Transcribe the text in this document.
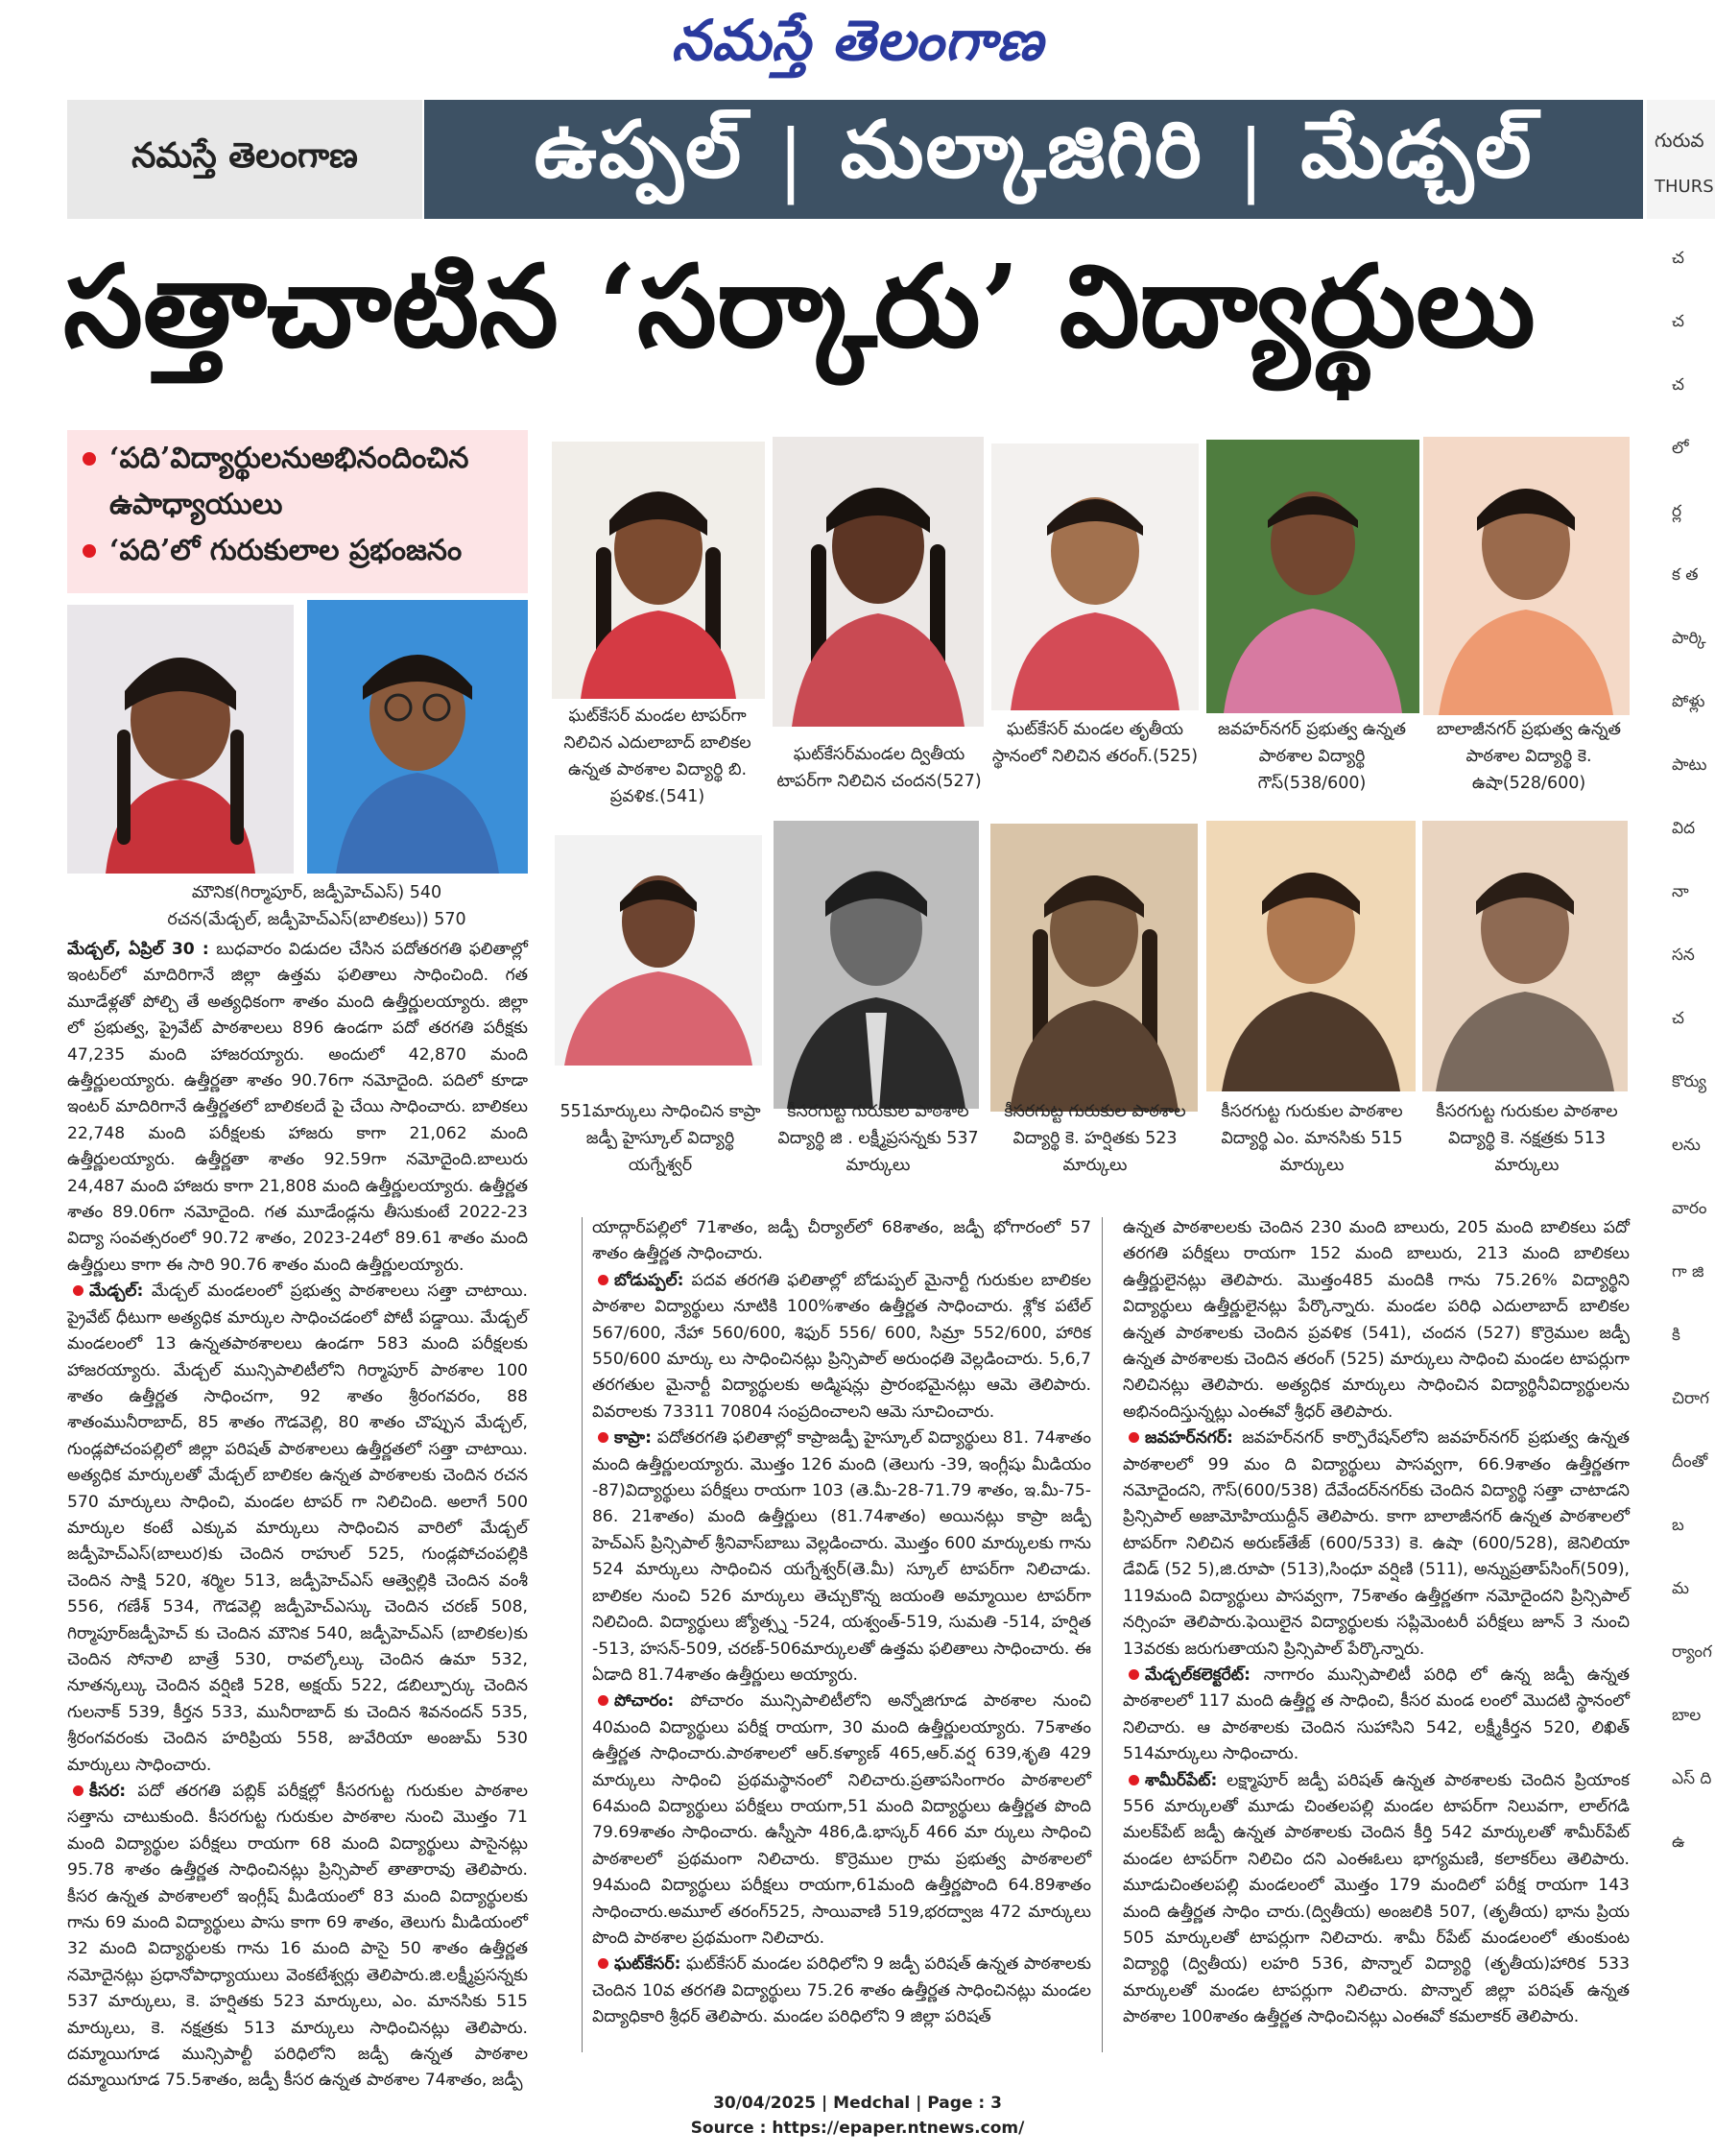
నమస్తే తెలంగాణ
నమస్తే తెలంగాణ	ఉప్పల్ | మల్కాజిగిరి | మేడ్చల్	గురువ
THURS
సత్తాచాటిన ‘సర్కారు’ విద్యార్థులు
‘పది’విద్యార్థులనుఅభినందించిన ఉపాధ్యాయులు
‘పది’లో గురుకులాల ప్రభంజనం
మౌనిక(గిర్మాపూర్, జడ్పీహెచ్ఎస్) 540
రచన(మేడ్చల్, జడ్పీహెచ్ఎస్(బాలికలు)) 570
ఘట్‌కేసర్ మండల టాపర్‌గా నిలిచిన ఎదులాబాద్ బాలికల ఉన్నత పాఠశాల విద్యార్థి బి. ప్రవళిక.(541)
ఘట్‌కేసర్‌మండల ద్వితీయ టాపర్‌గా నిలిచిన చందన(527)
ఘట్‌కేసర్ మండల తృతీయ స్థానంలో నిలిచిన తరంగ్.(525)
జవహర్‌నగర్ ప్రభుత్వ ఉన్నత పాఠశాల విద్యార్థి గౌస్(538/600)
బాలాజీనగర్ ప్రభుత్వ ఉన్నత పాఠశాల విద్యార్థి కె. ఉషా(528/600)
551మార్కులు సాధించిన కాప్రా జడ్పీ హైస్కూల్ విద్యార్థి యగ్నేశ్వర్
కీసరగుట్ట గురుకుల పాఠశాల విద్యార్థి జి . లక్ష్మీప్రసన్నకు 537 మార్కులు
కీసరగుట్ట గురుకుల పాఠశాల విద్యార్థి కె. హర్షితకు 523 మార్కులు
కీసరగుట్ట గురుకుల పాఠశాల విద్యార్థి ఎం. మానసికు 515 మార్కులు
కీసరగుట్ట గురుకుల పాఠశాల విద్యార్థి కె. నక్షత్రకు 513 మార్కులు

మేడ్చల్, ఏప్రిల్ 30 : బుధవారం విడుదల చేసిన పదోతరగతి ఫలితాల్లో ఇంటర్‌లో మాదిరిగానే జిల్లా ఉత్తమ ఫలితాలు సాధించింది. గత మూడేళ్లతో పోల్చి తే అత్యధికంగా శాతం మంది ఉత్తీర్ణులయ్యారు. జిల్లా లో ప్రభుత్వ, ప్రైవేట్ పాఠశాలలు 896 ఉండగా పదో తరగతి పరీక్షకు 47,235 మంది హాజరయ్యారు. అందులో 42,870 మంది ఉత్తీర్ణులయ్యారు. ఉత్తీర్ణతా శాతం 90.76గా నమోదైంది. పదిలో కూడా ఇంటర్ మాదిరిగానే ఉత్తీర్ణతలో బాలికలదే పై చేయి సాధించారు. బాలికలు 22,748 మంది పరీక్షలకు హాజరు కాగా 21,062 మంది ఉత్తీర్ణులయ్యారు. ఉత్తీర్ణతా శాతం 92.59గా నమోదైంది.బాలురు 24,487 మంది హాజరు కాగా 21,808 మంది ఉత్తీర్ణులయ్యారు. ఉత్తీర్ణత శాతం 89.06గా నమోదైంది. గత మూడేండ్లను తీసుకుంటే 2022-23 విద్యా సంవత్సరంలో 90.72 శాతం, 2023-24లో 89.61 శాతం మంది ఉత్తీర్ణులు కాగా ఈ సారి 90.76 శాతం మంది ఉత్తీర్ణులయ్యారు.

మేడ్చల్: మేడ్చల్ మండలంలో ప్రభుత్వ పాఠశాలలు సత్తా చాటాయి. ప్రైవేట్ ధీటుగా అత్యధిక మార్కుల సాధించడంలో పోటీ పడ్డాయి. మేడ్చల్ మండలంలో 13 ఉన్నతపాఠశాలలు ఉండగా 583 మంది పరీక్షలకు హాజరయ్యారు. మేడ్చల్ మున్సిపాలిటీలోని గిర్మాపూర్ పాఠశాల 100 శాతం ఉత్తీర్ణత సాధించగా, 92 శాతం శ్రీరంగవరం, 88 శాతంమునీరాబాద్, 85 శాతం గౌడవెల్లి, 80 శాతం చొప్పున మేడ్చల్, గుండ్లపోచంపల్లిలో జిల్లా పరిషత్ పాఠశాలలు ఉత్తీర్ణతలో సత్తా చాటాయి. అత్యధిక మార్కులతో మేడ్చల్ బాలికల ఉన్నత పాఠశాలకు చెందిన రచన 570 మార్కులు సాధించి, మండల టాపర్ గా నిలిచింది. అలాగే 500 మార్కుల కంటే ఎక్కువ మార్కులు సాధించిన వారిలో మేడ్చల్ జడ్పీహెచ్ఎస్(బాలుర)కు చెందిన రాహుల్ 525, గుండ్లపోచంపల్లికి చెందిన సాక్షి 520, శర్మిల 513, జడ్పీహెచ్ఎస్ ఆత్వెల్లికి చెందిన వంశీ 556, గణేశ్ 534, గౌడవెల్లి జడ్పీహెచ్ఎస్కు చెందిన చరణ్ 508, గిర్మాపూర్‌జడ్పీహెచ్ కు చెందిన మౌనిక 540, జడ్పీహెచ్ఎస్ (బాలికల)కు చెందిన సోనాలి బాత్రే 530, రావల్కోల్కు చెందిన ఉమా 532, నూతన్కల్కు చెందిన వర్షిణి 528, అక్షయ్ 522, డబిల్పూర్కు చెందిన గులనాక్ 539, కీర్తన 533, మునీరాబాద్ కు చెందిన శివనందన్ 535, శ్రీరంగవరంకు చెందిన హరిప్రియ 558, జువేరియా అంజుమ్ 530 మార్కులు సాధించారు.

కీసర: పదో తరగతి పబ్లిక్ పరీక్షల్లో కీసరగుట్ట గురుకుల పాఠశాల సత్తాను చాటుకుంది. కీసరగుట్ట గురుకుల పాఠశాల నుంచి మొత్తం 71 మంది విద్యార్థుల పరీక్షలు రాయగా 68 మంది విద్యార్థులు పాసైనట్లు 95.78 శాతం ఉత్తీర్ణత సాధించినట్లు ప్రిన్సిపాల్ తాతారావు తెలిపారు. కీసర ఉన్నత పాఠశాలలో ఇంగ్లీష్ మీడియంలో 83 మంది విద్యార్థులకు గాను 69 మంది విద్యార్థులు పాసు కాగా 69 శాతం, తెలుగు మీడియంలో 32 మంది విద్యార్థులకు గాను 16 మంది పాసై 50 శాతం ఉత్తీర్ణత నమోదైనట్లు ప్రధానోపాధ్యాయులు వెంకటేశ్వర్లు తెలిపారు.జి.లక్ష్మీప్రసన్నకు 537 మార్కులు, కె. హర్షితకు 523 మార్కులు, ఎం. మానసికు 515 మార్కులు, కె. నక్షత్రకు 513 మార్కులు సాధించినట్లు తెలిపారు. దమ్మాయిగూడ మున్సిపాల్టీ పరిధిలోని జడ్పీ ఉన్నత పాఠశాల దమ్మాయిగూడ 75.5శాతం, జడ్పీ కీసర ఉన్నత పాఠశాల 74శాతం, జడ్పీ

యాద్గార్‌పల్లిలో 71శాతం, జడ్పీ చీర్యాల్‌లో 68శాతం, జడ్పీ భోగారంలో 57 శాతం ఉత్తీర్ణత సాధించారు.

బోడుప్పల్: పదవ తరగతి ఫలితాల్లో బోడుప్పల్ మైనార్టీ గురుకుల బాలికల పాఠశాల విద్యార్థులు నూటికి 100%శాతం ఉత్తీర్ణత సాధించారు. శ్లోక పటేల్ 567/600, నేహా 560/600, శిఫుర్ 556/ 600, సిమ్రా 552/600, హారిక 550/600 మార్కు లు సాధించినట్లు ప్రిన్సిపాల్ అరుంధతి వెల్లడించారు. 5,6,7 తరగతుల మైనార్టీ విద్యార్థులకు అడ్మిషన్లు ప్రారంభమైనట్లు ఆమె తెలిపారు. వివరాలకు 73311 70804 సంప్రదించాలని ఆమె సూచించారు.

కాప్రా: పదోతరగతి ఫలితాల్లో కాప్రాజడ్పీ హైస్కూల్ విద్యార్థులు 81. 74శాతం మంది ఉత్తీర్ణులయ్యారు. మొత్తం 126 మంది (తెలుగు -39, ఇంగ్లీషు మీడియం -87)విద్యార్థులు పరీక్షలు రాయగా 103 (తె.మీ-28-71.79 శాతం, ఇ.మీ-75-86. 21శాతం) మంది ఉత్తీర్ణులు (81.74శాతం) అయినట్లు కాప్రా జడ్పీ హెచ్ఎస్ ప్రిన్సిపాల్ శ్రీనివాస్‌బాబు వెల్లడించారు. మొత్తం 600 మార్కులకు గాను 524 మార్కులు సాధించిన యగ్నేశ్వర్(తె.మీ) స్కూల్ టాపర్‌గా నిలిచాడు. బాలికల నుంచి 526 మార్కులు తెచ్చుకొన్న జయంతి అమ్మాయిల టాపర్‌గా నిలిచింది. విద్యార్థులు జ్యోత్స్న -524, యశ్వంత్-519, సుమతి -514, హర్షిత -513, హసన్-509, చరణ్-506మార్కులతో ఉత్తమ ఫలితాలు సాధించారు. ఈ ఏడాది 81.74శాతం ఉత్తీర్ణులు అయ్యారు.

పోచారం: పోచారం మున్సిపాలిటీలోని అన్నోజిగూడ పాఠశాల నుంచి 40మంది విద్యార్థులు పరీక్ష రాయగా, 30 మంది ఉత్తీర్ణులయ్యారు. 75శాతం ఉత్తీర్ణత సాధించారు.పాఠశాలలో ఆర్.కళ్యాణ్ 465,ఆర్.వర్ష 639,శృతి 429 మార్కులు సాధించి ప్రథమస్థానంలో నిలిచారు.ప్రతాపసింగారం పాఠశాలలో 64మంది విద్యార్థులు పరీక్షలు రాయగా,51 మంది విద్యార్థులు ఉత్తీర్ణత పొంది 79.69శాతం సాధించారు. ఉస్నీసా 486,డి.భాస్కర్ 466 మా ర్కులు సాధించి పాఠశాలలో ప్రథమంగా నిలిచారు. కొర్రెముల గ్రామ ప్రభుత్వ పాఠశాలలో 94మంది విద్యార్థులు పరీక్షలు రాయగా,61మంది ఉత్తీర్ణపొంది 64.89శాతం సాధించారు.అమూల్ తరంగ్525, సాయివాణి 519,భరద్వాజ 472 మార్కులు పొంది పాఠశాల ప్రథమంగా నిలిచారు.

ఘట్‌కేసర్: ఘట్‌కేసర్ మండల పరిధిలోని 9 జడ్పీ పరిషత్ ఉన్నత పాఠశాలకు చెందిన 10వ తరగతి విద్యార్థులు 75.26 శాతం ఉత్తీర్ణత సాధించినట్లు మండల విద్యాధికారి శ్రీధర్ తెలిపారు. మండల పరిధిలోని 9 జిల్లా పరిషత్

ఉన్నత పాఠశాలలకు చెందిన 230 మంది బాలురు, 205 మంది బాలికలు పదో తరగతి పరీక్షలు రాయగా 152 మంది బాలురు, 213 మంది బాలికలు ఉత్తీర్ణులైనట్లు తెలిపారు. మొత్తం485 మందికి గాను 75.26% విద్యార్థిని విద్యార్థులు ఉత్తీర్ణులైనట్లు పేర్కొన్నారు. మండల పరిధి ఎదులాబాద్ బాలికల ఉన్నత పాఠశాలకు చెందిన ప్రవళిక (541), చందన (527) కొర్రెముల జడ్పీ ఉన్నత పాఠశాలకు చెందిన తరంగ్ (525) మార్కులు సాధించి మండల టాపర్లుగా నిలిచినట్లు తెలిపారు. అత్యధిక మార్కులు సాధించిన విద్యార్థినీవిద్యార్థులను అభినందిస్తున్నట్లు ఎంఈవో శ్రీధర్ తెలిపారు.

జవహర్‌నగర్: జవహర్‌నగర్ కార్పొరేషన్‌లోని జవహర్‌నగర్ ప్రభుత్వ ఉన్నత పాఠశాలలో 99 మం ది విద్యార్థులు పాసవ్వగా, 66.9శాతం ఉత్తీర్ణతగా నమోదైందని, గౌస్(600/538) దేవేందర్‌నగర్‌కు చెందిన విద్యార్థి సత్తా చాటాడని ప్రిన్సిపాల్ అజామోహియుద్దీన్ తెలిపారు. కాగా బాలాజీనగర్ ఉన్నత పాఠశాలలో టాపర్‌గా నిలిచిన అరుణ్‌తేజ్ (600/533) కె. ఉషా (600/528), జెనిలియా డేవిడ్ (52 5),జి.రూపా (513),సింధూ వర్షిణి (511), అన్నుప్రతాప్‌సింగ్(509), 119మంది విద్యార్థులు పాసవ్వగా, 75శాతం ఉత్తీర్ణతగా నమోదైందని ప్రిన్సిపాల్ నర్సింహ తెలిపారు.ఫెయిలైన విద్యార్థులకు సప్లిమెంటరీ పరీక్షలు జూన్ 3 నుంచి 13వరకు జరుగుతాయని ప్రిన్సిపాల్ పేర్కొన్నారు.

మేడ్చల్‌కలెక్టరేట్: నాగారం మున్సిపాలిటీ పరిధి లో ఉన్న జడ్పీ ఉన్నత పాఠశాలలో 117 మంది ఉత్తీర్ణ త సాధించి, కీసర మండ లంలో మొదటి స్థానంలో నిలిచారు. ఆ పాఠశాలకు చెందిన సుహాసిని 542, లక్ష్మీకీర్తన 520, లిఖిత్ 514మార్కులు సాధించారు.

శామీర్‌పేట్: లక్ష్మాపూర్ జడ్పీ పరిషత్ ఉన్నత పాఠశాలకు చెందిన ప్రియాంక 556 మార్కులతో మూడు చింతలపల్లి మండల టాపర్‌గా నిలువగా, లాల్‌గడి మలక్‌పేట్ జడ్పీ ఉన్నత పాఠశాలకు చెందిన కీర్తి 542 మార్కులతో శామీర్‌పేట్ మండల టాపర్‌గా నిలిచిం దని ఎంఈఓలు భాగ్యమణి, కలాకర్‌లు తెలిపారు. మూడుచింతలపల్లి మండలంలో మొత్తం 179 మందిలో పరీక్ష రాయగా 143 మంది ఉత్తీర్ణత సాధిం చారు.(ద్వితీయ) అంజలికి 507, (తృతీయ) భాను ప్రియ 505 మార్కులతో టాపర్లుగా నిలిచారు. శామీ ర్‌పేట్ మండలంలో తుంకుంట విద్యార్థి (ద్వితీయ) లహరి 536, పొన్నాల్ విద్యార్థి (తృతీయ)హారిక 533 మార్కులతో మండల టాపర్లుగా నిలిచారు. పొన్నాల్ జిల్లా పరిషత్ ఉన్నత పాఠశాల 100శాతం ఉత్తీర్ణత సాధించినట్లు ఎంఈవో కమలాకర్ తెలిపారు.

చ
చ
చ
లో
ర్ల
క త
పార్కి
పోళ్లు
పాటు
విద
నా
సన
చ
కొర్యు
లను
వారం
గా జి
కి
చిరాగ
దీంతో
బ
మ
ర్యాంగ
బాల
ఎస్ ది
ఉ
30/04/2025 | Medchal | Page : 3
Source : https://epaper.ntnews.com/
